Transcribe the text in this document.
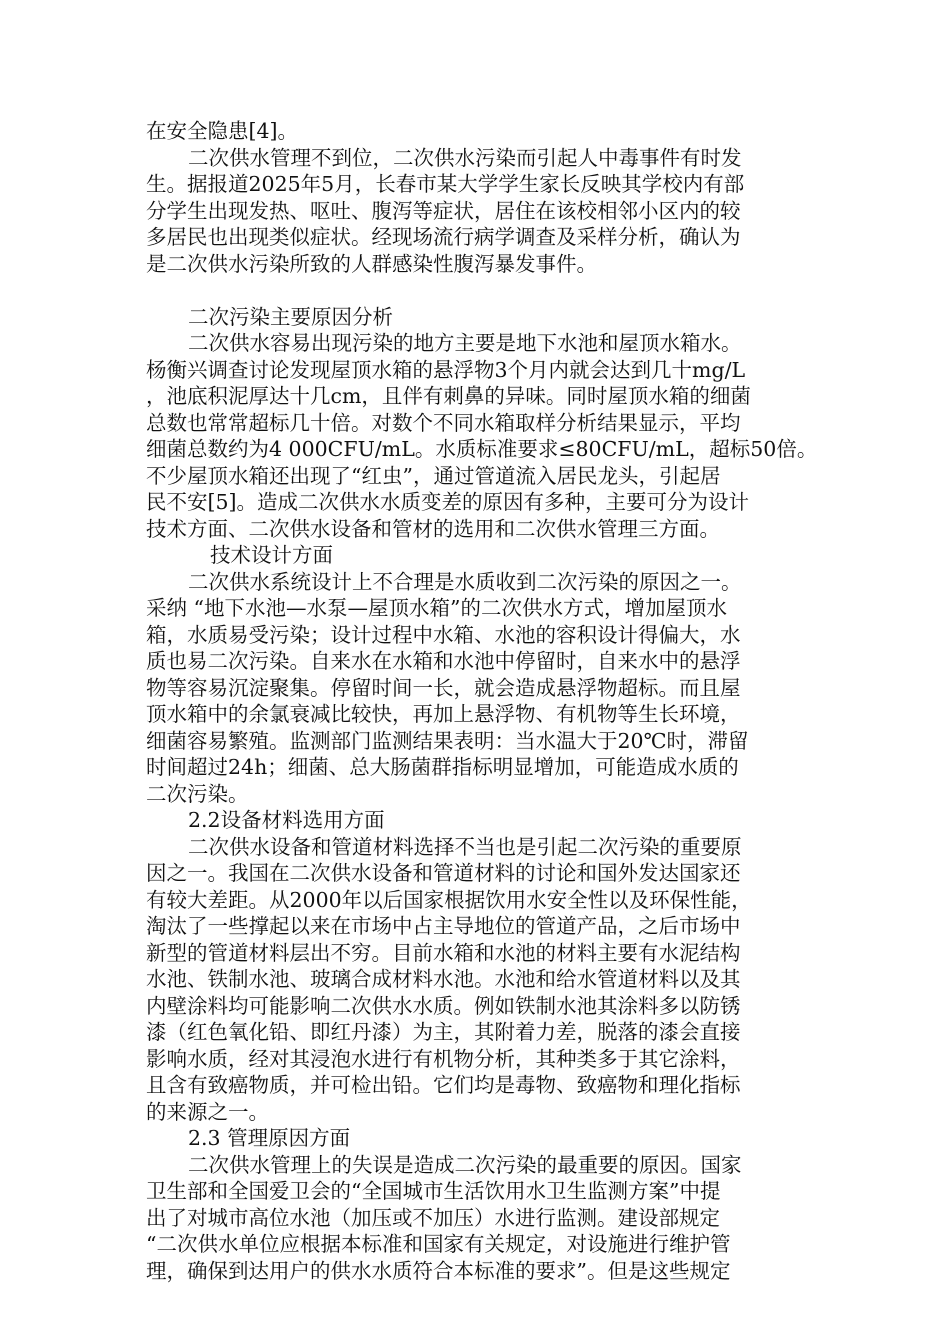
在安全隐患[4]。
二次供水管理不到位，二次供水污染而引起人中毒事件有时发
生。据报道2025年5月，长春市某大学学生家长反映其学校内有部
分学生出现发热、呕吐、腹泻等症状，居住在该校相邻小区内的较
多居民也出现类似症状。经现场流行病学调查及采样分析，确认为
是二次供水污染所致的人群感染性腹泻暴发事件。
二次污染主要原因分析
二次供水容易出现污染的地方主要是地下水池和屋顶水箱水。
杨衡兴调查讨论发现屋顶水箱的悬浮物3个月内就会达到几十mg/L
，池底积泥厚达十几cm，且伴有刺鼻的异味。同时屋顶水箱的细菌
总数也常常超标几十倍。对数个不同水箱取样分析结果显示，平均
细菌总数约为4 000CFU/mL。水质标准要求≤80CFU/mL，超标50倍。
不少屋顶水箱还出现了“红虫”，通过管道流入居民龙头，引起居
民不安[5]。造成二次供水水质变差的原因有多种，主要可分为设计
技术方面、二次供水设备和管材的选用和二次供水管理三方面。
技术设计方面
二次供水系统设计上不合理是水质收到二次污染的原因之一。
采纳 “地下水池—水泵—屋顶水箱”的二次供水方式，增加屋顶水
箱，水质易受污染；设计过程中水箱、水池的容积设计得偏大，水
质也易二次污染。自来水在水箱和水池中停留时，自来水中的悬浮
物等容易沉淀聚集。停留时间一长，就会造成悬浮物超标。而且屋
顶水箱中的余氯衰减比较快，再加上悬浮物、有机物等生长环境，
细菌容易繁殖。监测部门监测结果表明：当水温大于20℃时，滞留
时间超过24h；细菌、总大肠菌群指标明显增加，可能造成水质的
二次污染。
2.2设备材料选用方面
二次供水设备和管道材料选择不当也是引起二次污染的重要原
因之一。我国在二次供水设备和管道材料的讨论和国外发达国家还
有较大差距。从2000年以后国家根据饮用水安全性以及环保性能，
淘汰了一些撑起以来在市场中占主导地位的管道产品，之后市场中
新型的管道材料层出不穷。目前水箱和水池的材料主要有水泥结构
水池、铁制水池、玻璃合成材料水池。水池和给水管道材料以及其
内壁涂料均可能影响二次供水水质。例如铁制水池其涂料多以防锈
漆（红色氧化铅、即红丹漆）为主，其附着力差，脱落的漆会直接
影响水质，经对其浸泡水进行有机物分析，其种类多于其它涂料，
且含有致癌物质，并可检出铅。它们均是毒物、致癌物和理化指标
的来源之一。
2.3 管理原因方面
二次供水管理上的失误是造成二次污染的最重要的原因。国家
卫生部和全国爱卫会的“全国城市生活饮用水卫生监测方案”中提
出了对城市高位水池（加压或不加压）水进行监测。建设部规定
“二次供水单位应根据本标准和国家有关规定，对设施进行维护管
理，确保到达用户的供水水质符合本标准的要求”。但是这些规定
